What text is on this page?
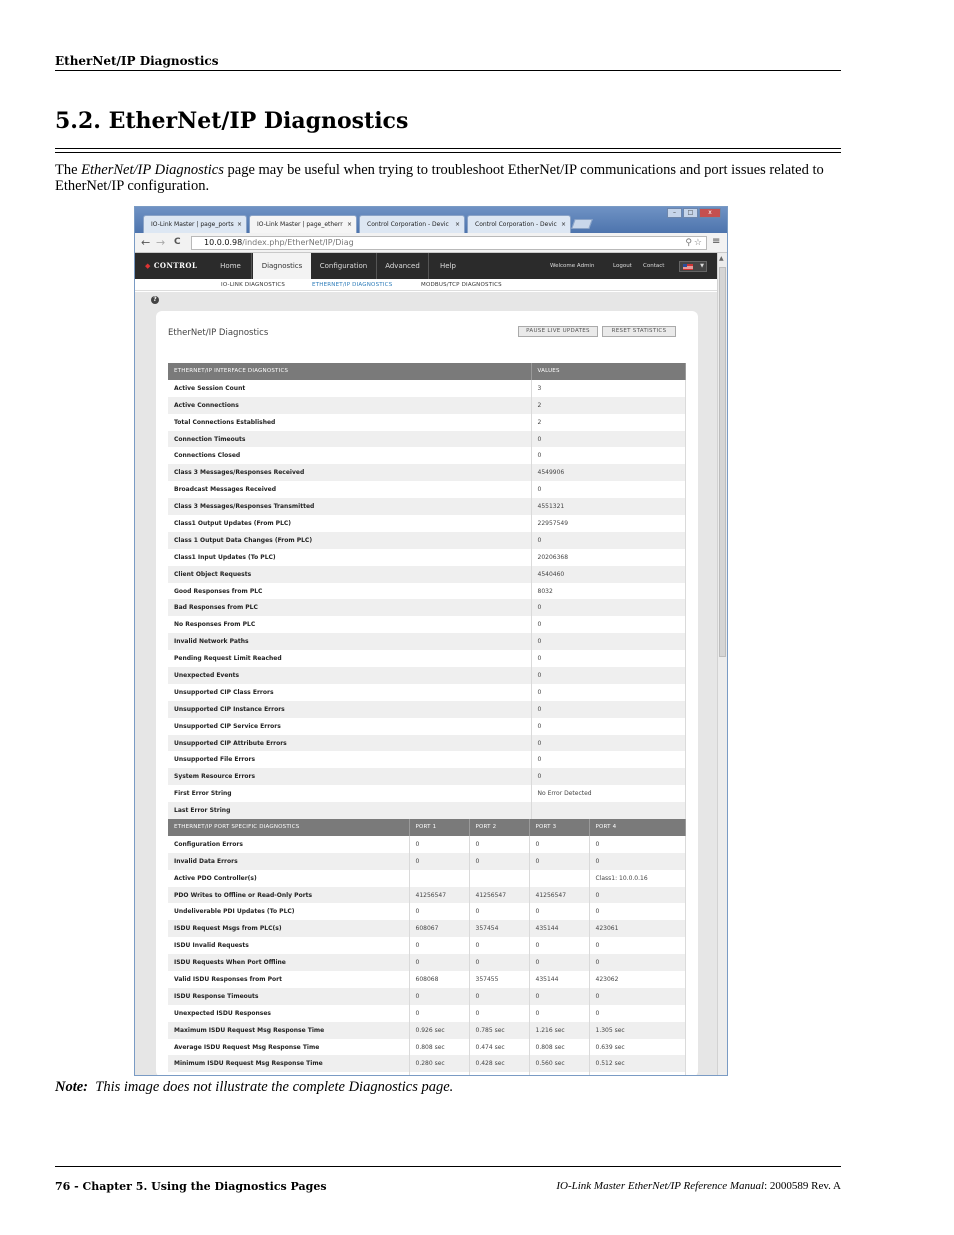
EtherNet/IP Diagnostics
5.2. EtherNet/IP Diagnostics

The EtherNet/IP Diagnostics page may be useful when trying to troubleshoot EtherNet/IP communications and port issues related to EtherNet/IP configuration.

IO-Link Master | page_ports ×	IO-Link Master | page_etherr ×	Control Corporation - Devic ×	Control Corporation - Devic ×
–	□	x
← → C	10.0.0.98/index.php/EtherNet/IP/Diag	⚲ ☆ ≡
◆ CONTROL	Home	Diagnostics	Configuration	Advanced	Help	Welcome Admin	Logout Contact	▼
IO-LINK DIAGNOSTICS	ETHERNET/IP DIAGNOSTICS	MODBUS/TCP DIAGNOSTICS
?
EtherNet/IP Diagnostics	PAUSE LIVE UPDATES	RESET STATISTICS
ETHERNET/IP INTERFACE DIAGNOSTICS	VALUES
Active Session Count	3
Active Connections	2
Total Connections Established	2
Connection Timeouts	0
Connections Closed	0
Class 3 Messages/Responses Received	4549906
Broadcast Messages Received	0
Class 3 Messages/Responses Transmitted	4551321
Class1 Output Updates (From PLC)	22957549
Class 1 Output Data Changes (From PLC)	0
Class1 Input Updates (To PLC)	20206368
Client Object Requests	4540460
Good Responses from PLC	8032
Bad Responses from PLC	0
No Responses From PLC	0
Invalid Network Paths	0
Pending Request Limit Reached	0
Unexpected Events	0
Unsupported CIP Class Errors	0
Unsupported CIP Instance Errors	0
Unsupported CIP Service Errors	0
Unsupported CIP Attribute Errors	0
Unsupported File Errors	0
System Resource Errors	0
First Error String	No Error Detected
Last Error String	
ETHERNET/IP PORT SPECIFIC DIAGNOSTICS	PORT 1	PORT 2	PORT 3	PORT 4
Configuration Errors	0	0	0	0
Invalid Data Errors	0	0	0	0
Active PDO Controller(s)				Class1: 10.0.0.16
PDO Writes to Offline or Read-Only Ports	41256547	41256547	41256547	0
Undeliverable PDI Updates (To PLC)	0	0	0	0
ISDU Request Msgs from PLC(s)	608067	357454	435144	423061
ISDU Invalid Requests	0	0	0	0
ISDU Requests When Port Offline	0	0	0	0
Valid ISDU Responses from Port	608068	357455	435144	423062
ISDU Response Timeouts	0	0	0	0
Unexpected ISDU Responses	0	0	0	0
Maximum ISDU Request Msg Response Time	0.926 sec	0.785 sec	1.216 sec	1.305 sec
Average ISDU Request Msg Response Time	0.808 sec	0.474 sec	0.808 sec	0.639 sec
Minimum ISDU Request Msg Response Time	0.280 sec	0.428 sec	0.560 sec	0.512 sec

▲

Note: This image does not illustrate the complete Diagnostics page.

76 - Chapter 5. Using the Diagnostics Pages	IO-Link Master EtherNet/IP Reference Manual: 2000589 Rev. A
